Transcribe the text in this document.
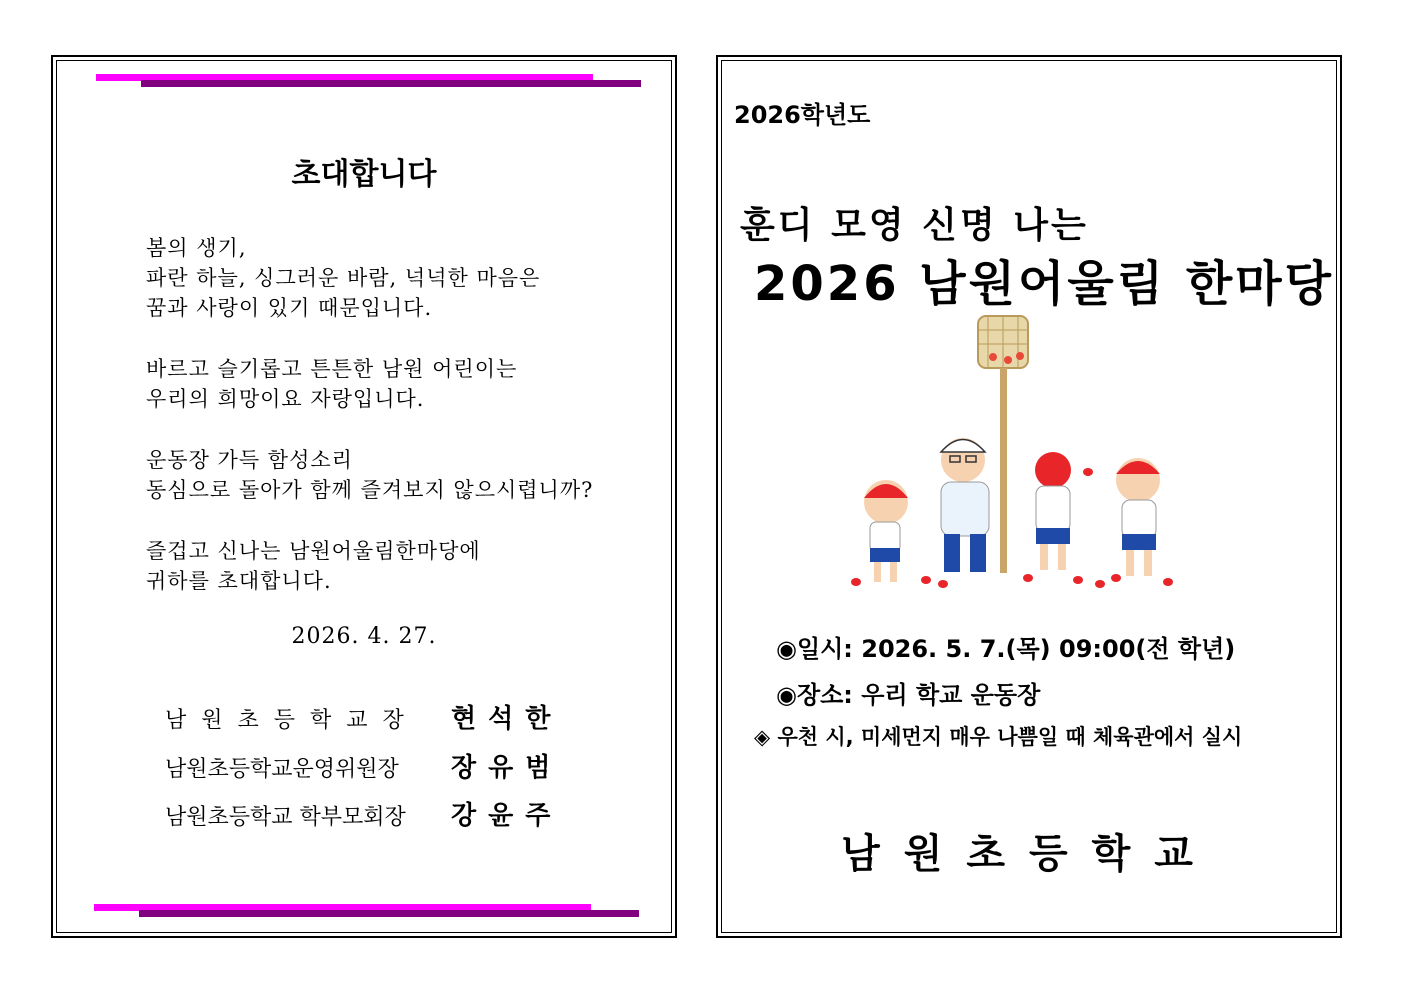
초대합니다
봄의 생기,
파란 하늘, 싱그러운 바람, 넉넉한 마음은
꿈과 사랑이 있기 때문입니다.
바르고 슬기롭고 튼튼한 남원 어린이는
우리의 희망이요 자랑입니다.
운동장 가득 함성소리
동심으로 돌아가 함께 즐겨보지 않으시렵니까?
즐겁고 신나는 남원어울림한마당에
귀하를 초대합니다.
2026. 4. 27.
남 원 초 등 학 교 장 현석한
남원초등학교운영위원장 장유범
남원초등학교 학부모회장 강윤주
2026학년도
훈디 모영 신명 나는
2026 남원어울림 한마당
◉일시: 2026. 5. 7.(목) 09:00(전 학년)
◉장소: 우리 학교 운동장
◈ 우천 시, 미세먼지 매우 나쁨일 때 체육관에서 실시
남원초등학교
